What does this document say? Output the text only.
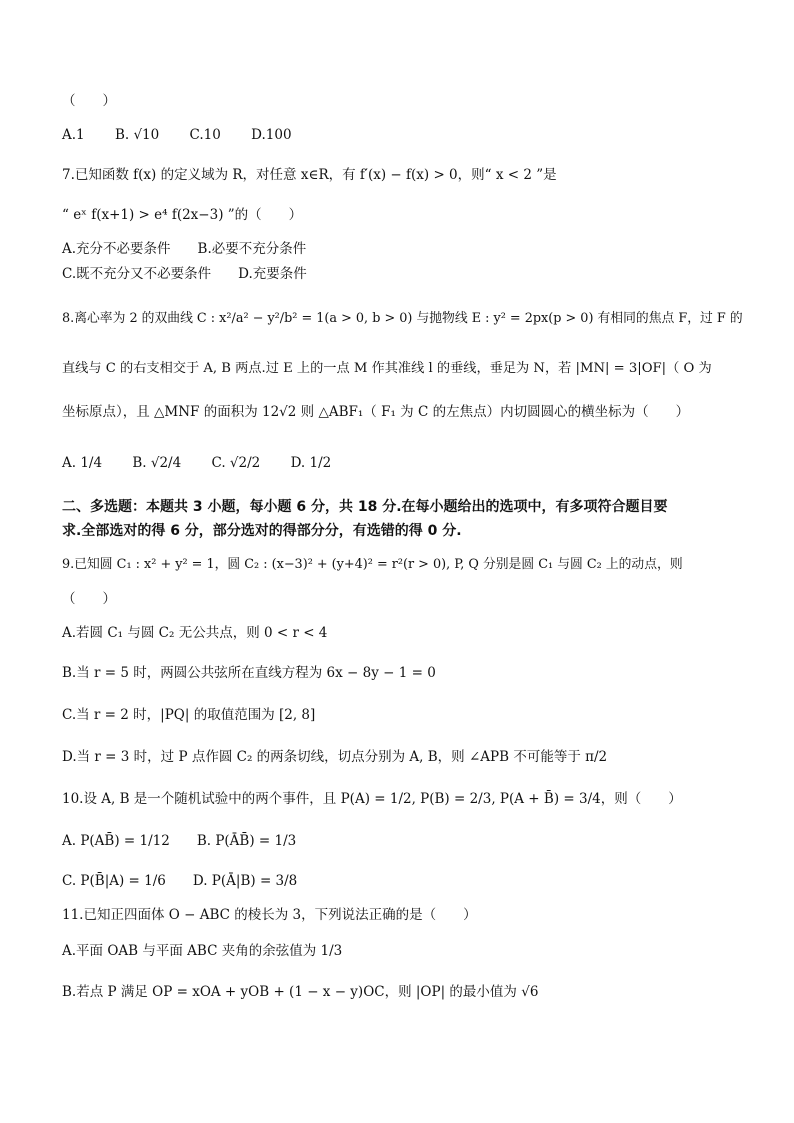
（　　）
A.1 B. √10 C.10 D.100
7.已知函数 f(x) 的定义域为 R，对任意 x∈R，有 f′(x) − f(x) > 0，则“ x < 2 ”是
“ eˣ f(x+1) > e⁴ f(2x−3) ”的（　　）
A.充分不必要条件　　B.必要不充分条件
C.既不充分又不必要条件　　D.充要条件
8.离心率为 2 的双曲线 C : x²/a² − y²/b² = 1(a > 0, b > 0) 与抛物线 E : y² = 2px(p > 0) 有相同的焦点 F，过 F 的
直线与 C 的右支相交于 A, B 两点.过 E 上的一点 M 作其准线 l 的垂线，垂足为 N，若 |MN| = 3|OF|（ O 为
坐标原点），且 △MNF 的面积为 12√2 则 △ABF₁（ F₁ 为 C 的左焦点）内切圆圆心的横坐标为（　　）
A. 1/4 B. √2/4 C. √2/2 D. 1/2
二、多选题：本题共 3 小题，每小题 6 分，共 18 分.在每小题给出的选项中，有多项符合题目要
求.全部选对的得 6 分，部分选对的得部分分，有选错的得 0 分.
9.已知圆 C₁ : x² + y² = 1，圆 C₂ : (x−3)² + (y+4)² = r²(r > 0), P, Q 分别是圆 C₁ 与圆 C₂ 上的动点，则
（　　）
A.若圆 C₁ 与圆 C₂ 无公共点，则 0 < r < 4
B.当 r = 5 时，两圆公共弦所在直线方程为 6x − 8y − 1 = 0
C.当 r = 2 时，|PQ| 的取值范围为 [2, 8]
D.当 r = 3 时，过 P 点作圆 C₂ 的两条切线，切点分别为 A, B，则 ∠APB 不可能等于 π/2
10.设 A, B 是一个随机试验中的两个事件，且 P(A) = 1/2, P(B) = 2/3, P(A + B̄) = 3/4，则（　　）
A. P(AB̄) = 1/12　　B. P(ĀB̄) = 1/3
C. P(B̄|A) = 1/6　　D. P(Ā|B) = 3/8
11.已知正四面体 O − ABC 的棱长为 3，下列说法正确的是（　　）
A.平面 OAB 与平面 ABC 夹角的余弦值为 1/3
B.若点 P 满足 OP = xOA + yOB + (1 − x − y)OC，则 |OP| 的最小值为 √6
